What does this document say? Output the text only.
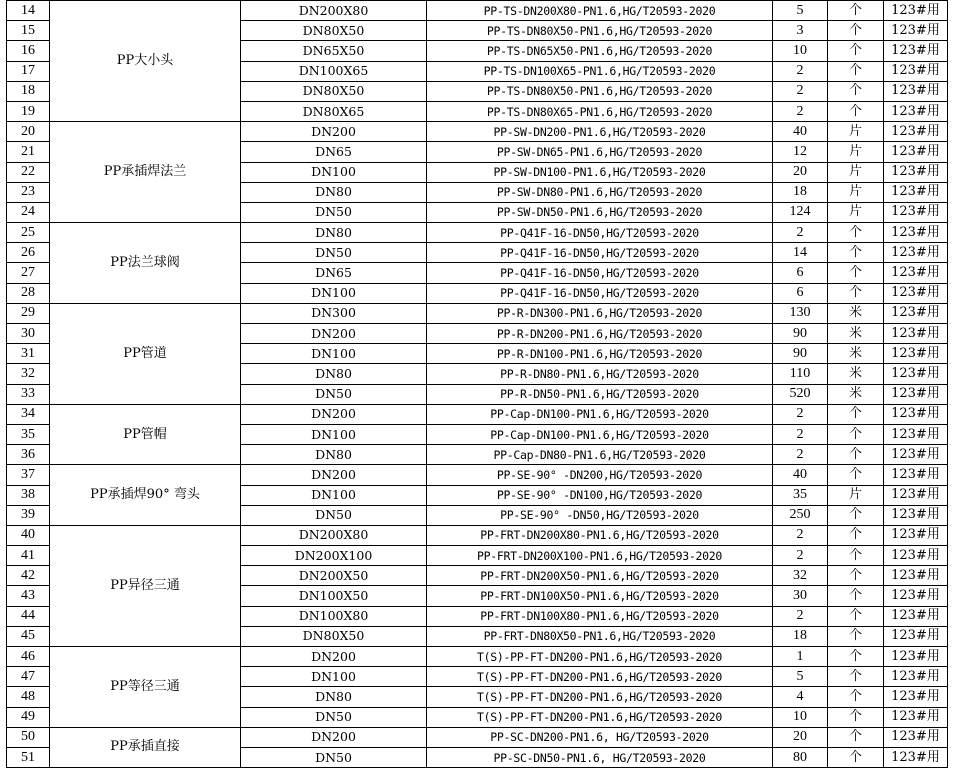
14	PP大小头	DN200X80	PP-TS-DN200X80-PN1.6,HG/T20593-2020	5	个	123#用
15		DN80X50	PP-TS-DN80X50-PN1.6,HG/T20593-2020	3	个	123#用
16		DN65X50	PP-TS-DN65X50-PN1.6,HG/T20593-2020	10	个	123#用
17		DN100X65	PP-TS-DN100X65-PN1.6,HG/T20593-2020	2	个	123#用
18		DN80X50	PP-TS-DN80X50-PN1.6,HG/T20593-2020	2	个	123#用
19		DN80X65	PP-TS-DN80X65-PN1.6,HG/T20593-2020	2	个	123#用
20	PP承插焊法兰	DN200	PP-SW-DN200-PN1.6,HG/T20593-2020	40	片	123#用
21		DN65	PP-SW-DN65-PN1.6,HG/T20593-2020	12	片	123#用
22		DN100	PP-SW-DN100-PN1.6,HG/T20593-2020	20	片	123#用
23		DN80	PP-SW-DN80-PN1.6,HG/T20593-2020	18	片	123#用
24		DN50	PP-SW-DN50-PN1.6,HG/T20593-2020	124	片	123#用
25	PP法兰球阀	DN80	PP-Q41F-16-DN50,HG/T20593-2020	2	个	123#用
26		DN50	PP-Q41F-16-DN50,HG/T20593-2020	14	个	123#用
27		DN65	PP-Q41F-16-DN50,HG/T20593-2020	6	个	123#用
28		DN100	PP-Q41F-16-DN50,HG/T20593-2020	6	个	123#用
29	PP管道	DN300	PP-R-DN300-PN1.6,HG/T20593-2020	130	米	123#用
30		DN200	PP-R-DN200-PN1.6,HG/T20593-2020	90	米	123#用
31		DN100	PP-R-DN100-PN1.6,HG/T20593-2020	90	米	123#用
32		DN80	PP-R-DN80-PN1.6,HG/T20593-2020	110	米	123#用
33		DN50	PP-R-DN50-PN1.6,HG/T20593-2020	520	米	123#用
34	PP管帽	DN200	PP-Cap-DN100-PN1.6,HG/T20593-2020	2	个	123#用
35		DN100	PP-Cap-DN100-PN1.6,HG/T20593-2020	2	个	123#用
36		DN80	PP-Cap-DN80-PN1.6,HG/T20593-2020	2	个	123#用
37	PP承插焊90° 弯头	DN200	PP-SE-90° -DN200,HG/T20593-2020	40	个	123#用
38		DN100	PP-SE-90° -DN100,HG/T20593-2020	35	片	123#用
39		DN50	PP-SE-90° -DN50,HG/T20593-2020	250	个	123#用
40	PP异径三通	DN200X80	PP-FRT-DN200X80-PN1.6,HG/T20593-2020	2	个	123#用
41		DN200X100	PP-FRT-DN200X100-PN1.6,HG/T20593-2020	2	个	123#用
42		DN200X50	PP-FRT-DN200X50-PN1.6,HG/T20593-2020	32	个	123#用
43		DN100X50	PP-FRT-DN100X50-PN1.6,HG/T20593-2020	30	个	123#用
44		DN100X80	PP-FRT-DN100X80-PN1.6,HG/T20593-2020	2	个	123#用
45		DN80X50	PP-FRT-DN80X50-PN1.6,HG/T20593-2020	18	个	123#用
46	PP等径三通	DN200	T(S)-PP-FT-DN200-PN1.6,HG/T20593-2020	1	个	123#用
47		DN100	T(S)-PP-FT-DN200-PN1.6,HG/T20593-2020	5	个	123#用
48		DN80	T(S)-PP-FT-DN200-PN1.6,HG/T20593-2020	4	个	123#用
49		DN50	T(S)-PP-FT-DN200-PN1.6,HG/T20593-2020	10	个	123#用
50	PP承插直接	DN200	PP-SC-DN200-PN1.6, HG/T20593-2020	20	个	123#用
51		DN50	PP-SC-DN50-PN1.6, HG/T20593-2020	80	个	123#用
